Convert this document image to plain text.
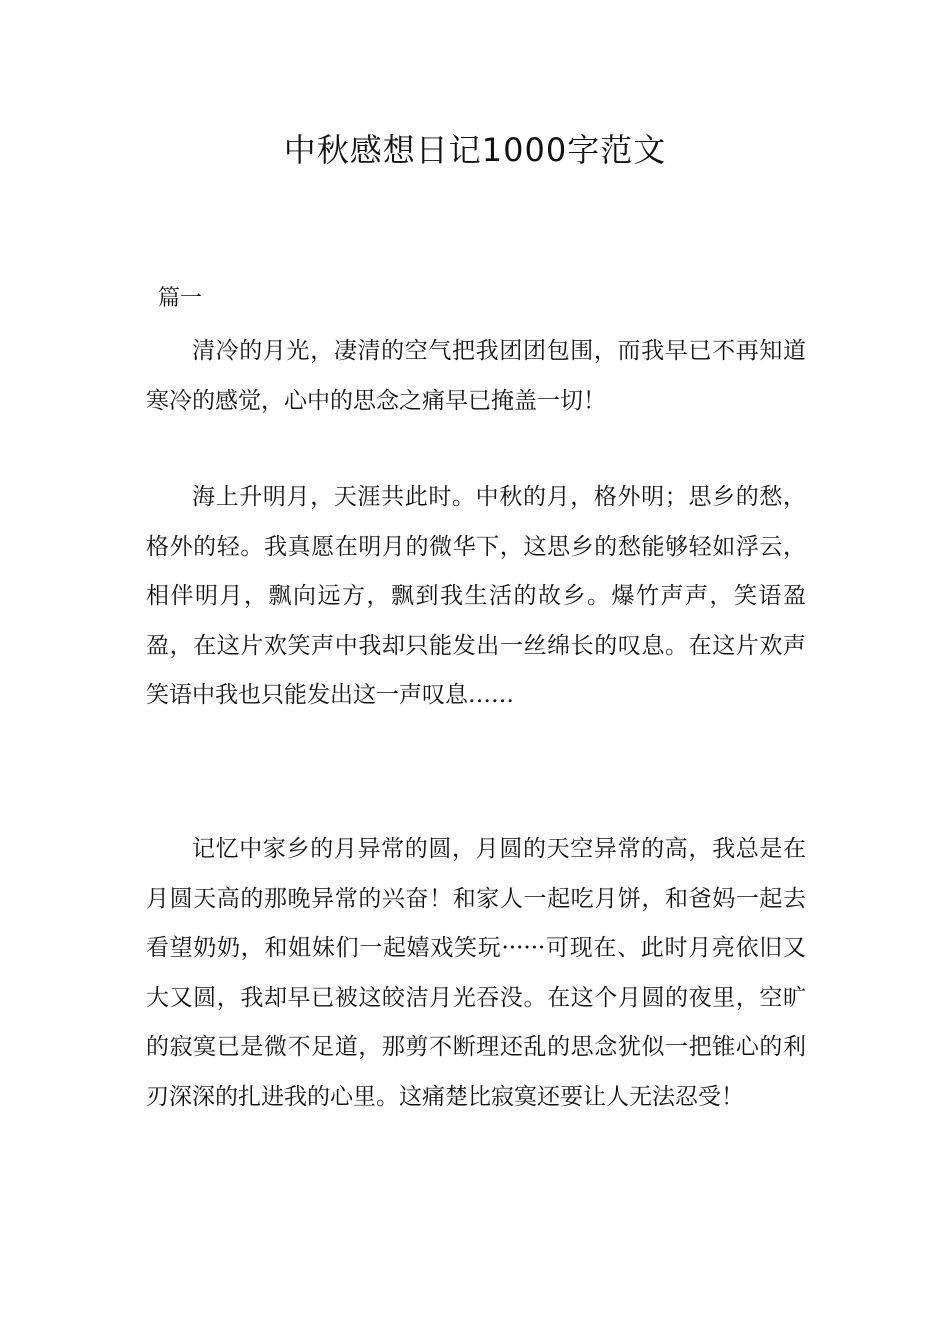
中秋感想日记1000字范文

篇一

清冷的月光，凄清的空气把我团团包围，而我早已不再知道寒冷的感觉，心中的思念之痛早已掩盖一切！

海上升明月，天涯共此时。中秋的月，格外明；思乡的愁，格外的轻。我真愿在明月的微华下，这思乡的愁能够轻如浮云，相伴明月，飘向远方，飘到我生活的故乡。爆竹声声，笑语盈盈，在这片欢笑声中我却只能发出一丝绵长的叹息。在这片欢声笑语中我也只能发出这一声叹息……

记忆中家乡的月异常的圆，月圆的天空异常的高，我总是在月圆天高的那晚异常的兴奋！和家人一起吃月饼，和爸妈一起去看望奶奶，和姐妹们一起嬉戏笑玩······可现在、此时月亮依旧又大又圆，我却早已被这皎洁月光吞没。在这个月圆的夜里，空旷的寂寞已是微不足道，那剪不断理还乱的思念犹似一把锥心的利刃深深的扎进我的心里。这痛楚比寂寞还要让人无法忍受！
